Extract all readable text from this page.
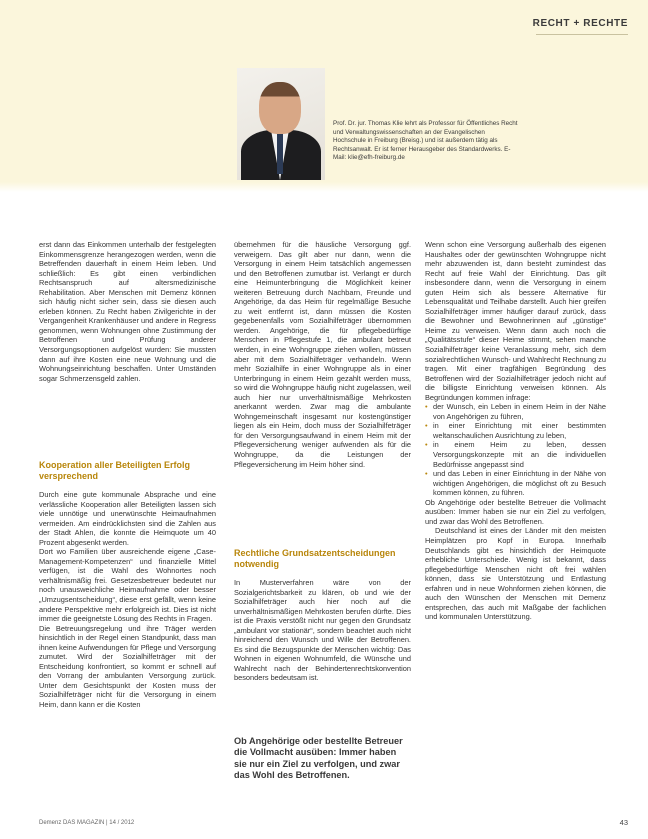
RECHT + RECHTE
Prof. Dr. jur. Thomas Klie lehrt als Professor für Öffentliches Recht und Verwaltungswissenschaften an der Evangelischen Hochschule in Freiburg (Breisg.) und ist außerdem tätig als Rechtsanwalt. Er ist ferner Herausgeber des Standardwerks. E-Mail: klie@efh-freiburg.de

erst dann das Einkommen unterhalb der festgelegten Einkommensgrenze herangezogen werden, wenn die Betreffenden dauerhaft in einem Heim leben. Und schließlich: Es gibt einen verbindlichen Rechtsanspruch auf altersmedizinische Rehabilitation. Aber Menschen mit Demenz können sich häufig nicht sicher sein, dass sie diesen auch erleben können. Zu Recht haben Zivilgerichte in der Vergangenheit Krankenhäuser und andere in Regress genommen, wenn Wohnungen ohne Zustimmung der Betroffenen und Prüfung anderer Versorgungsoptionen aufgelöst wurden: Sie mussten dann auf ihre Kosten eine neue Wohnung und die Wohnungseinrichtung beschaffen. Unter Umständen sogar Schmerzensgeld zahlen.

Kooperation aller Beteiligten Erfolg versprechend

Durch eine gute kommunale Absprache und eine verlässliche Kooperation aller Beteiligten lassen sich viele unnötige und unerwünschte Heimaufnahmen vermeiden. Am eindrücklichsten sind die Zahlen aus der Stadt Ahlen, die konnte die Heimquote um 40 Prozent abgesenkt werden.

Dort wo Familien über ausreichende eigene „Case-Management-Kompetenzen“ und finanzielle Mittel verfügen, ist die Wahl des Wohnortes noch verhältnismäßig frei. Gesetzesbetreuer bedeutet nur noch unausweichliche Heimaufnahme oder besser „Umzugsentscheidung“, diese erst gefällt, wenn keine andere Perspektive mehr erfolgreich ist. Dies ist nicht immer die geeignetste Lösung des Rechts in Fragen.

Die Betreuungsregelung und ihre Träger werden hinsichtlich in der Regel einen Standpunkt, dass man ihnen keine Aufwendungen für Pflege und Versorgung zumutet. Wird der Sozialhilfeträger mit der Entscheidung konfrontiert, so kommt er schnell auf den Vorrang der ambulanten Versorgung zurück. Unter dem Gesichtspunkt der Kosten muss der Sozialhilfeträger nicht für die Versorgung in einem Heim, dann kann er die Kosten

übernehmen für die häusliche Versorgung ggf. verweigern. Das gilt aber nur dann, wenn die Versorgung in einem Heim tatsächlich angemessen und den Betroffenen zumutbar ist. Verlangt er durch eine Heimunterbringung die Möglichkeit keiner weiteren Betreuung durch Nachbarn, Freunde und Angehörige, da das Heim für regelmäßige Besuche zu weit entfernt ist, dann müssen die Kosten gegebenenfalls vom Sozialhilfeträger übernommen werden. Angehörige, die für pflegebedürftige Menschen in Pflegestufe 1, die ambulant betreut werden, in eine Wohngruppe ziehen wollen, müssen aber mit dem Sozialhilfeträger verhandeln. Wenn mehr Sozialhilfe in einer Wohngruppe als in einer Unterbringung in einem Heim gezahlt werden muss, so wird die Wohngruppe häufig nicht zugelassen, weil auch hier nur unverhältnismäßige Mehrkosten anerkannt werden. Zwar mag die ambulante Wohngemeinschaft insgesamt nur kostengünstiger liegen als ein Heim, doch muss der Sozialhilfeträger für den Versorgungsaufwand in einem Heim mit der Pflegeversicherung weniger aufwenden als für die Wohngruppe, da die Leistungen der Pflegeversicherung im Heim höher sind.

Rechtliche Grundsatzentscheidungen notwendig

In Musterverfahren wäre von der Sozialgerichtsbarkeit zu klären, ob und wie der Sozialhilfeträger auch hier noch auf die unverhältnismäßigen Mehrkosten berufen dürfte. Dies ist die Praxis verstößt nicht nur gegen den Grundsatz „ambulant vor stationär“, sondern beachtet auch nicht hinreichend den Wunsch und Wille der Betroffenen. Es sind die Bezugspunkte der Menschen wichtig: Das Wohnen in eigenen Wohnumfeld, die Wünsche und Wahlrecht nach der Behindertenrechtskonvention besonders bedeutsam ist.

Ob Angehörige oder bestellte Betreuer die Vollmacht ausüben: Immer haben sie nur ein Ziel zu verfolgen, und zwar das Wohl des Betroffenen.

Wenn schon eine Versorgung außerhalb des eigenen Haushaltes oder der gewünschten Wohngruppe nicht mehr abzuwenden ist, dann besteht zumindest das Recht auf freie Wahl der Einrichtung. Das gilt insbesondere dann, wenn die Versorgung in einem guten Heim sich als bessere Alternative für Lebensqualität und Teilhabe darstellt. Auch hier greifen Sozialhilfeträger immer häufiger darauf zurück, dass die Bewohner und Bewohnerinnen auf „günstige“ Heime zu verweisen. Wenn dann auch noch die „Qualitätsstufe“ dieser Heime stimmt, sehen manche Sozialhilfeträger keine Veranlassung mehr, sich dem sozialrechtlichen Wunsch- und Wahlrecht Rechnung zu tragen. Mit einer tragfähigen Begründung des Betroffenen wird der Sozialhilfeträger jedoch nicht auf die billigste Einrichtung verweisen können. Als Begründungen kommen infrage:

• der Wunsch, ein Leben in einem Heim in der Nähe von Angehörigen zu führen,
• in einer Einrichtung mit einer bestimmten weltanschaulichen Ausrichtung zu leben,
• in einem Heim zu leben, dessen Versorgungskonzepte mit an die individuellen Bedürfnisse angepasst sind
• und das Leben in einer Einrichtung in der Nähe von wichtigen Angehörigen, die möglichst oft zu Besuch kommen können, zu führen.

Ob Angehörige oder bestellte Betreuer die Vollmacht ausüben: Immer haben sie nur ein Ziel zu verfolgen, und zwar das Wohl des Betroffenen.

Deutschland ist eines der Länder mit den meisten Heimplätzen pro Kopf in Europa. Innerhalb Deutschlands gibt es hinsichtlich der Heimquote erhebliche Unterschiede. Wenig ist bekannt, dass pflegebedürftige Menschen nicht oft frei wählen können, dass sie Unterstützung und Entlastung erfahren und in neue Wohnformen ziehen können, die auch den Wünschen der Menschen mit Demenz entsprechen, das auch mit Maßgabe der fachlichen und kommunalen Unterstützung.

Demenz DAS MAGAZIN | 14 / 2012	43
